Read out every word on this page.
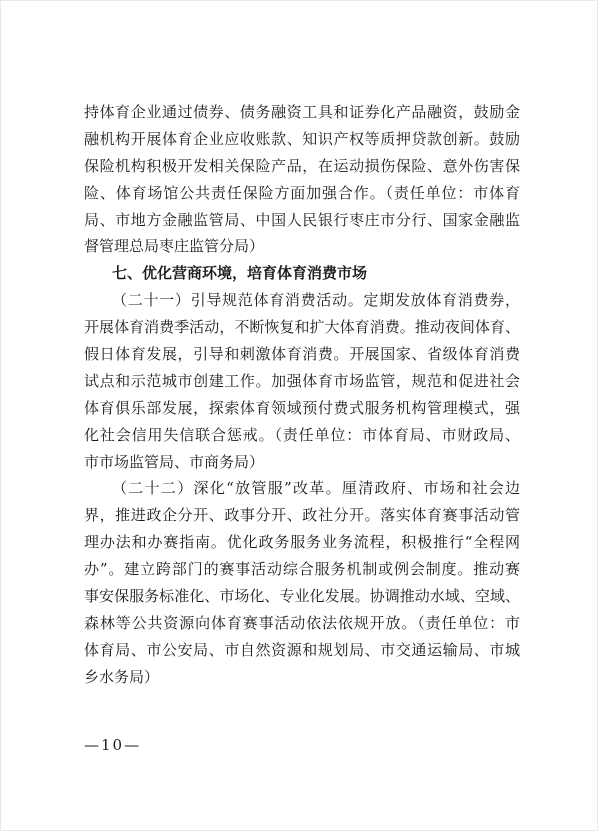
持体育企业通过债券、债务融资工具和证券化产品融资，鼓励金
融机构开展体育企业应收账款、知识产权等质押贷款创新。鼓励
保险机构积极开发相关保险产品，在运动损伤保险、意外伤害保
险、体育场馆公共责任保险方面加强合作。（责任单位：市体育
局、市地方金融监管局、中国人民银行枣庄市分行、国家金融监
督管理总局枣庄监管分局）
七、优化营商环境，培育体育消费市场
（二十一）引导规范体育消费活动。定期发放体育消费券，
开展体育消费季活动，不断恢复和扩大体育消费。推动夜间体育、
假日体育发展，引导和刺激体育消费。开展国家、省级体育消费
试点和示范城市创建工作。加强体育市场监管，规范和促进社会
体育俱乐部发展，探索体育领域预付费式服务机构管理模式，强
化社会信用失信联合惩戒。（责任单位：市体育局、市财政局、
市市场监管局、市商务局）
（二十二）深化“放管服”改革。厘清政府、市场和社会边
界，推进政企分开、政事分开、政社分开。落实体育赛事活动管
理办法和办赛指南。优化政务服务业务流程，积极推行“全程网
办”。建立跨部门的赛事活动综合服务机制或例会制度。推动赛
事安保服务标准化、市场化、专业化发展。协调推动水域、空域、
森林等公共资源向体育赛事活动依法依规开放。（责任单位：市
体育局、市公安局、市自然资源和规划局、市交通运输局、市城
乡水务局）
—10—
